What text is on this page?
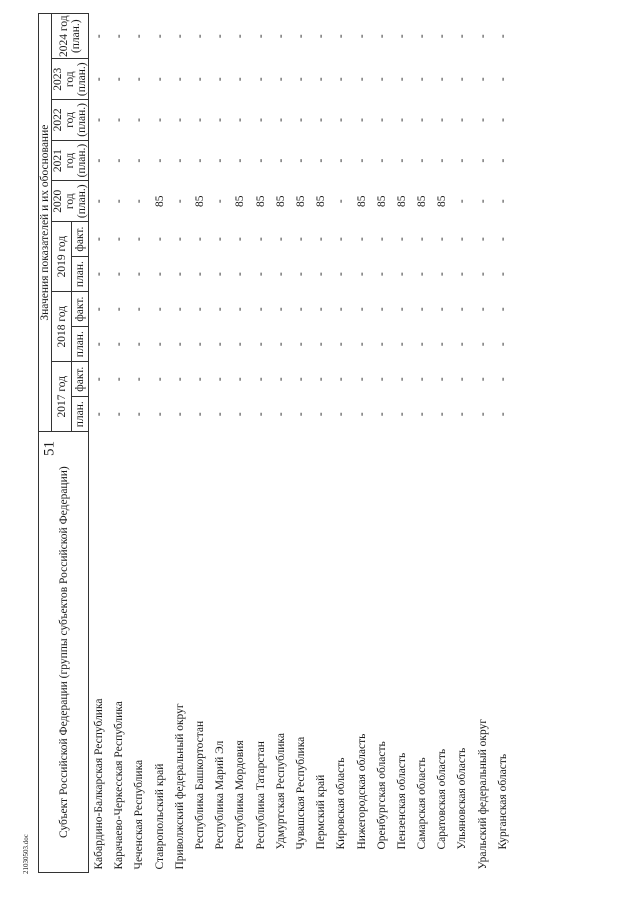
51
21030503.doc
Субъект Российской Федерации (группы субъектов Российской Федерации)	Значения показателей и их обоснование										
	2017 год		2018 год		2019 год		2020 год (план.)	2021 год (план.)	2022 год (план.)	2023 год (план.)	2024 год (план.)
	план.	факт.	план.	факт.	план.	факт.					
Кабардино-Балкарская Республика	-	-	-	-	-	-	-	-	-	-	-
Карачаево-Черкесская Республика	-	-	-	-	-	-	-	-	-	-	-
Чеченская Республика	-	-	-	-	-	-	-	-	-	-	-
Ставропольский край	-	-	-	-	-	-	85	-	-	-	-
Приволжский федеральный округ	-	-	-	-	-	-	-	-	-	-	-
Республика Башкортостан	-	-	-	-	-	-	85	-	-	-	-
Республика Марий Эл	-	-	-	-	-	-	-	-	-	-	-
Республика Мордовия	-	-	-	-	-	-	85	-	-	-	-
Республика Татарстан	-	-	-	-	-	-	85	-	-	-	-
Удмуртская Республика	-	-	-	-	-	-	85	-	-	-	-
Чувашская Республика	-	-	-	-	-	-	85	-	-	-	-
Пермский край	-	-	-	-	-	-	85	-	-	-	-
Кировская область	-	-	-	-	-	-	-	-	-	-	-
Нижегородская область	-	-	-	-	-	-	85	-	-	-	-
Оренбургская область	-	-	-	-	-	-	85	-	-	-	-
Пензенская область	-	-	-	-	-	-	85	-	-	-	-
Самарская область	-	-	-	-	-	-	85	-	-	-	-
Саратовская область	-	-	-	-	-	-	85	-	-	-	-
Ульяновская область	-	-	-	-	-	-	-	-	-	-	-
Уральский федеральный округ	-	-	-	-	-	-	-	-	-	-	-
Курганская область	-	-	-	-	-	-	-	-	-	-	-
